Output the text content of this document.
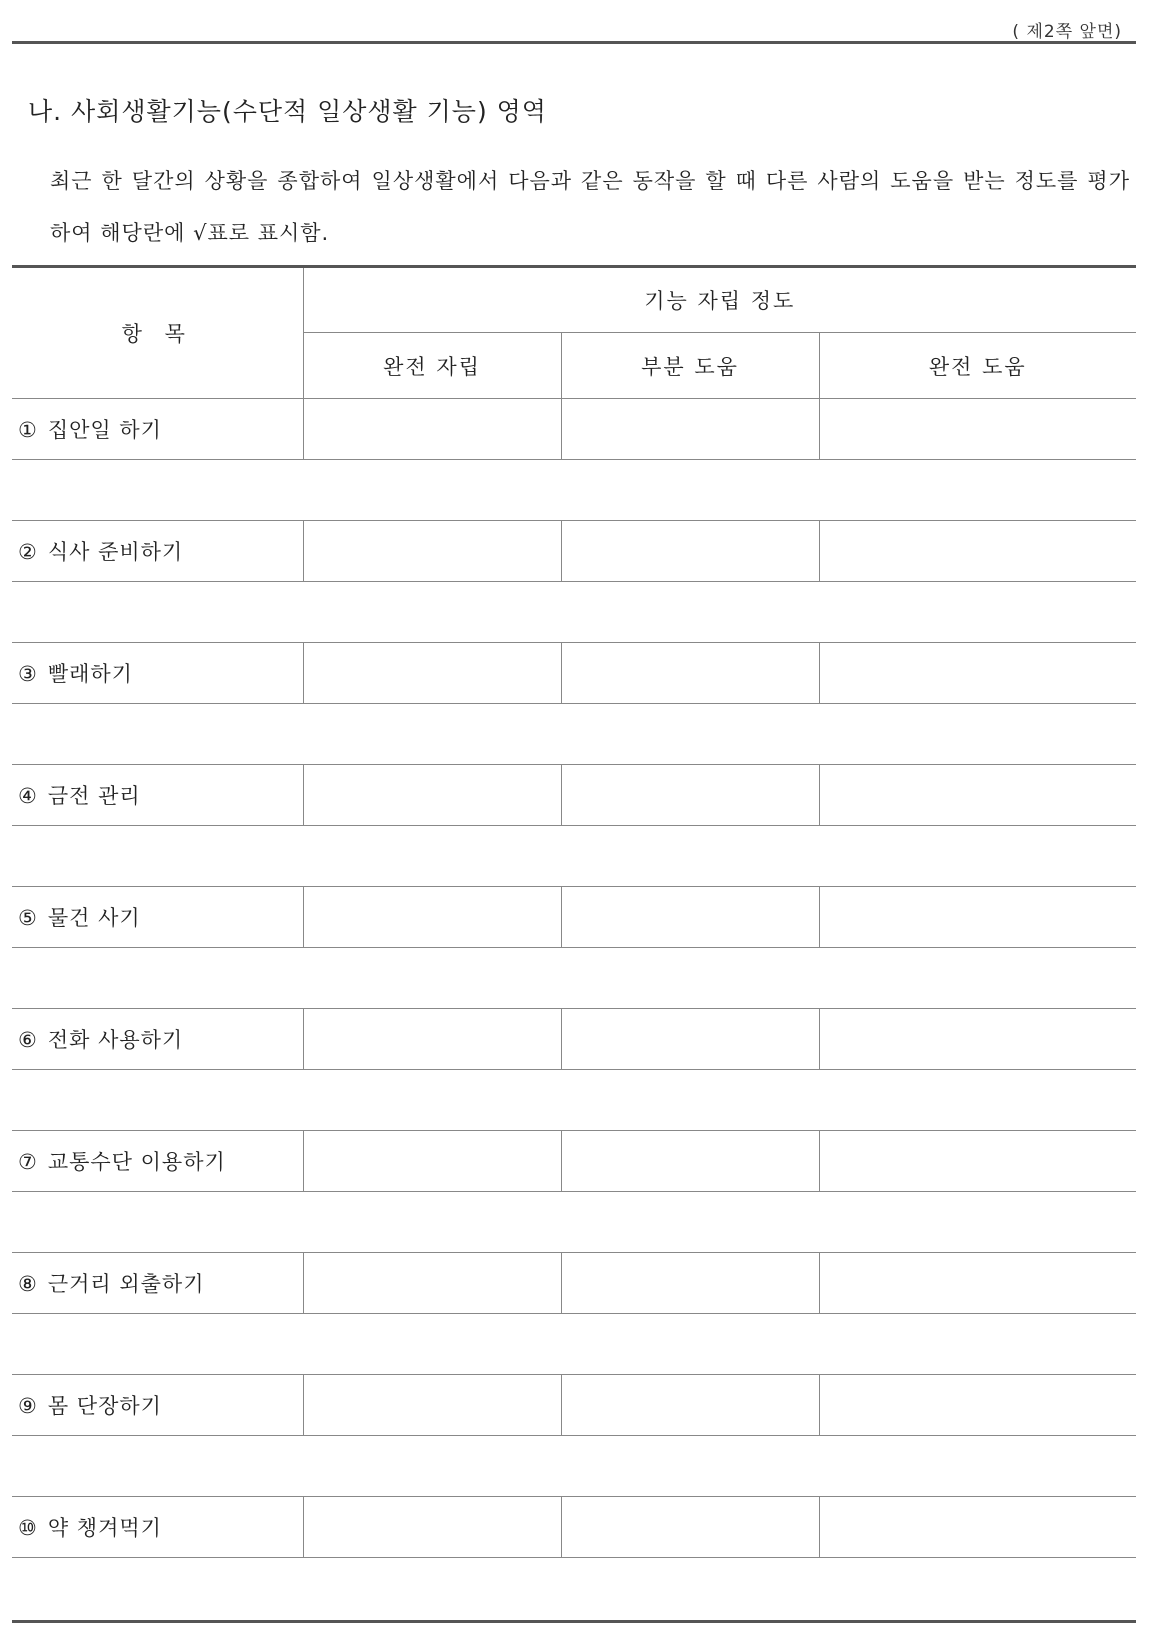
( 제2쪽 앞면)
나. 사회생활기능(수단적 일상생활 기능) 영역
최근 한 달간의 상황을 종합하여 일상생활에서 다음과 같은 동작을 할 때 다른 사람의 도움을 받는 정도를 평가하여 해당란에 √표로 표시함.
항 목	기능 자립 정도		
	완전 자립	부분 도움	완전 도움
① 집안일 하기			

② 식사 준비하기			

③ 빨래하기			

④ 금전 관리			

⑤ 물건 사기			

⑥ 전화 사용하기			

⑦ 교통수단 이용하기			

⑧ 근거리 외출하기			

⑨ 몸 단장하기			

⑩ 약 챙겨먹기			
